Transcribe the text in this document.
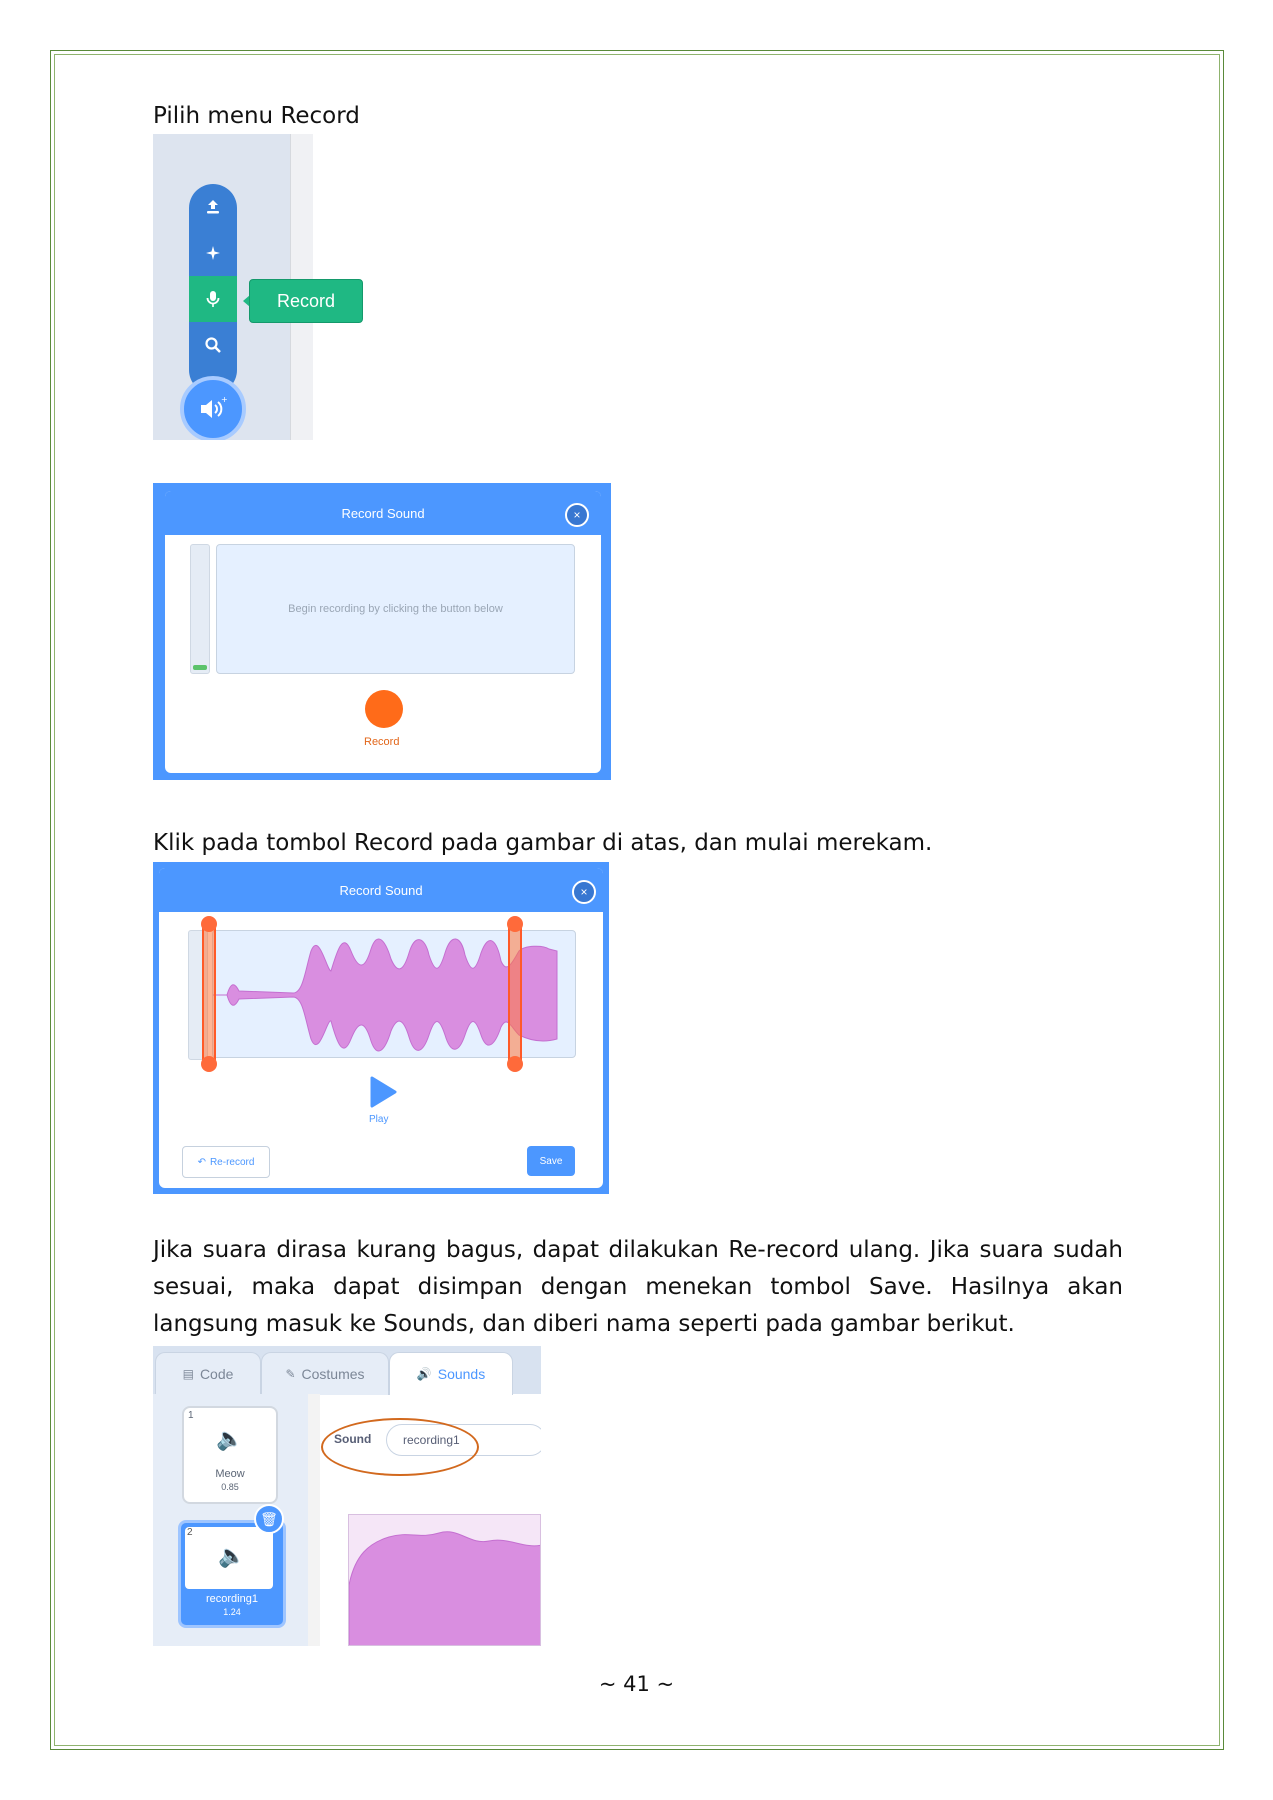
Pilih menu Record
+
Record
Record Sound	×
Begin recording by clicking the button below
Record
Klik pada tombol Record pada gambar di atas, dan mulai merekam.
Record Sound	×
Play
↶ Re-record	Save
Jika suara dirasa kurang bagus, dapat dilakukan Re-record ulang. Jika suara sudah sesuai, maka dapat disimpan dengan menekan tombol Save. Hasilnya akan langsung masuk ke Sounds, dan diberi nama seperti pada gambar berikut.
▤ Code	✎ Costumes	🔊 Sounds
1
🔈
Meow
0.85
2
🔈
recording1
1.24
🗑
Sound	recording1
~ 41 ~
